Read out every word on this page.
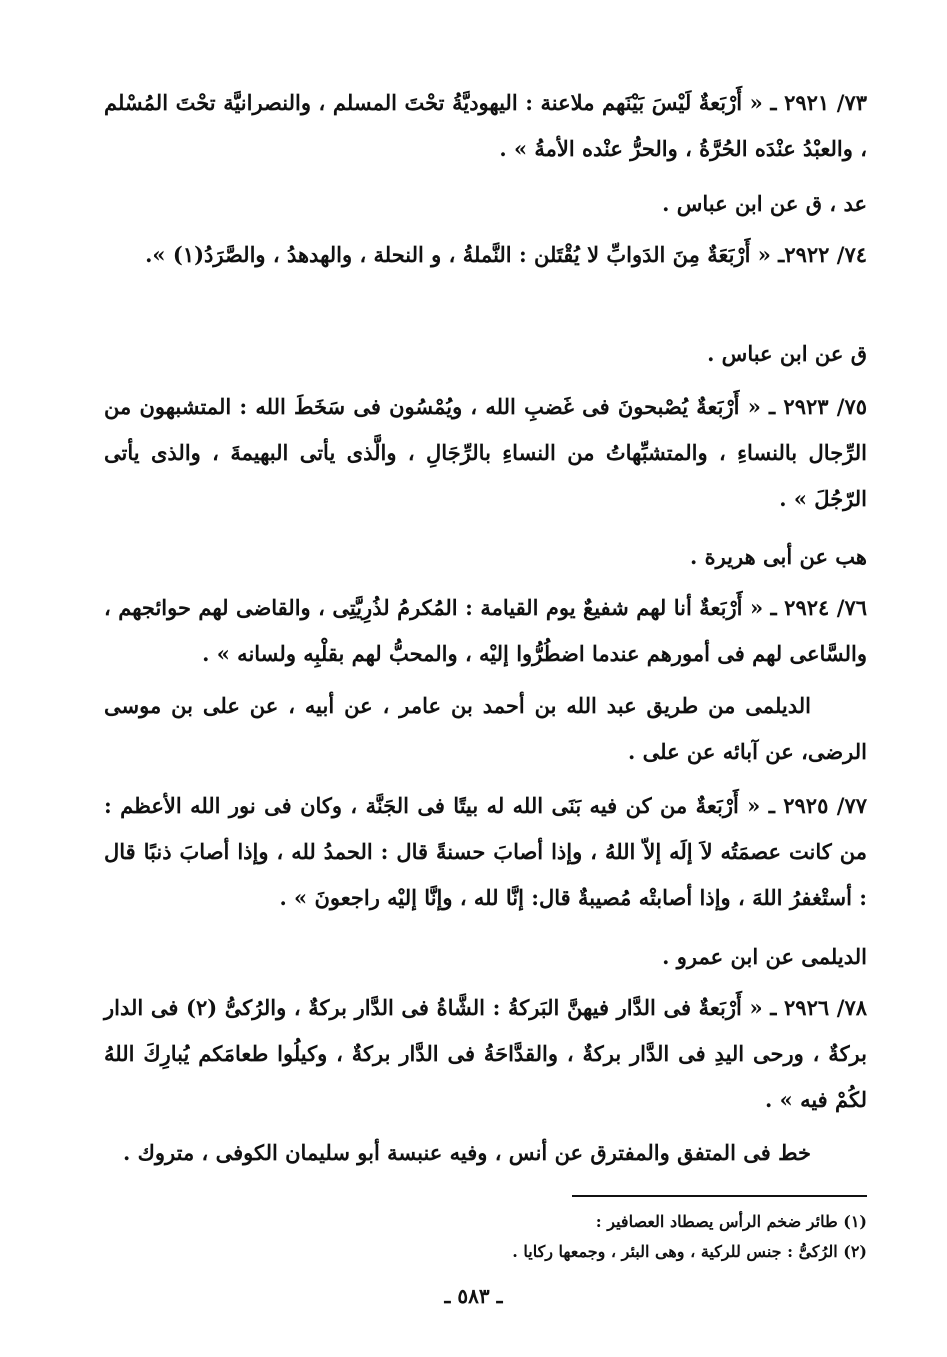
٧٣/ ٢٩٢١ ـ « أَرْبَعةٌ لَيْسَ بَيْنَهم ملاعنة : اليهوديَّةُ تحْتَ المسلم ، والنصرانيَّة تحْتَ المُسْلم ، والعبْدُ عنْدَه الحُرَّةُ ، والحرُّ عنْده الأمةُ » .
عد ، ق عن ابن عباس .
٧٤/ ٢٩٢٢ـ « أَرْبَعَةٌ مِنَ الدَوابِّ لا يُقْتَلن : النَّملةُ ، و النحلة ، والهدهدُ ، والصَّرَدُ(١) ».
ق عن ابن عباس .
٧٥/ ٢٩٢٣ ـ « أَرْبَعةٌ يُصْبحونَ فى غَضبِ الله ، ويُمْسُون فى سَخَطَ الله : المتشبهون من الرِّجال بالنساءِ ، والمتشبِّهاتُ من النساءِ بالرِّجَالِ ، والَّذى يأتى البهيمةَ ، والذى يأتى الرّجُلَ » .
هب عن أبى هريرة .
٧٦/ ٢٩٢٤ ـ « أَرْبَعةٌ أنا لهم شفيعٌ يوم القيامة : المُكرمُ لذُرِيَّتِى ، والقاضى لهم حوائجهم ، والسَّاعى لهم فى أمورهم عندما اضطُرُّوا إليْه ، والمحبُّ لهم بقلْبِه ولسانه » .
الديلمى من طريق عبد الله بن أحمد بن عامر ، عن أبيه ، عن على بن موسى الرضى، عن آبائه عن على .
٧٧/ ٢٩٢٥ ـ « أَرْبَعةٌ من كن فيه بَنَى الله له بيتًا فى الجَنَّة ، وكان فى نور الله الأعظم : من كانت عصمَتُه لاَ إلَه إلاّ اللهُ ، وإذا أصابَ حسنةً قال : الحمدُ لله ، وإذا أصابَ ذنبًا قال : أستْغفرُ اللهَ ، وإذا أصابتْه مُصيبةٌ قال: إنَّا لله ، وإنَّا إليْه راجعونَ » .
الديلمى عن ابن عمرو .
٧٨/ ٢٩٢٦ ـ « أَرْبَعةٌ فى الدَّار فيهنَّ البَركةُ : الشَّاةُ فى الدَّار بركةٌ ، والرُكىُّ (٢) فى الدار بركةٌ ، ورحى اليدِ فى الدَّار بركةٌ ، والقدَّاحَةُ فى الدَّار بركةٌ ، وكيلُوا طعامَكم يُبارِكَ اللهُ لكُمْ فيه » .
خط فى المتفق والمفترق عن أنس ، وفيه عنبسة أبو سليمان الكوفى ، متروك .
(١) طائر ضخم الرأس يصطاد العصافير :
(٢) الرُكىُّ : جنس للركية ، وهى البئر ، وجمعها ركايا .
ـ ٥٨٣ ـ
